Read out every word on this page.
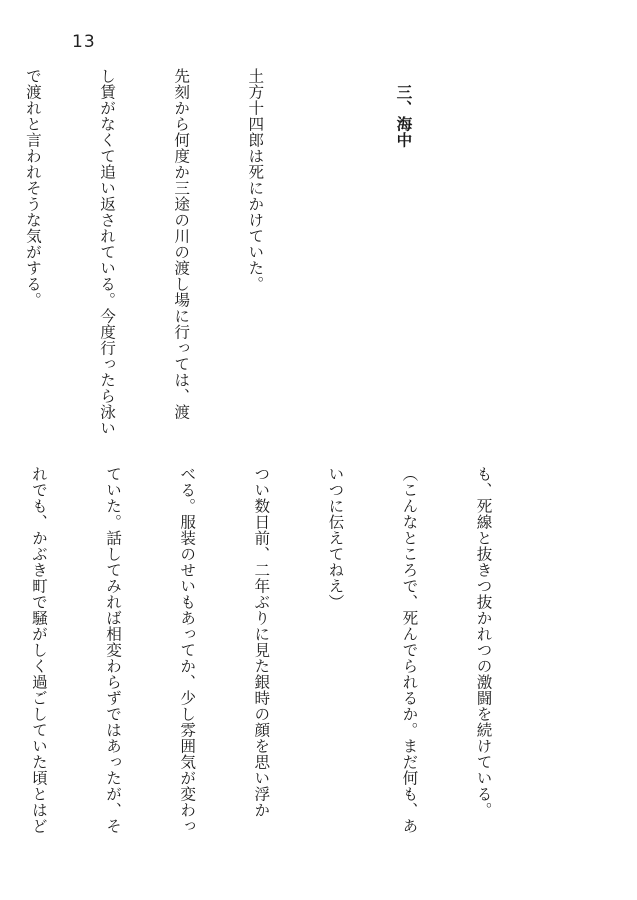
13

三、海中

土方十四郎は死にかけていた。

先刻から何度か三途の川の渡し場に行っては、渡

し賃がなくて追い返されている。今度行ったら泳い

で渡れと言われそうな気がする。

も、死線と抜きつ抜かれつの激闘を続けている。

（こんなところで、死んでられるか。まだ何も、あ

いつに伝えてねえ）

つい数日前、二年ぶりに見た銀時の顔を思い浮か

べる。服装のせいもあってか、少し雰囲気が変わっ

ていた。話してみれば相変わらずではあったが、そ

れでも、かぶき町で騒がしく過ごしていた頃とはど
